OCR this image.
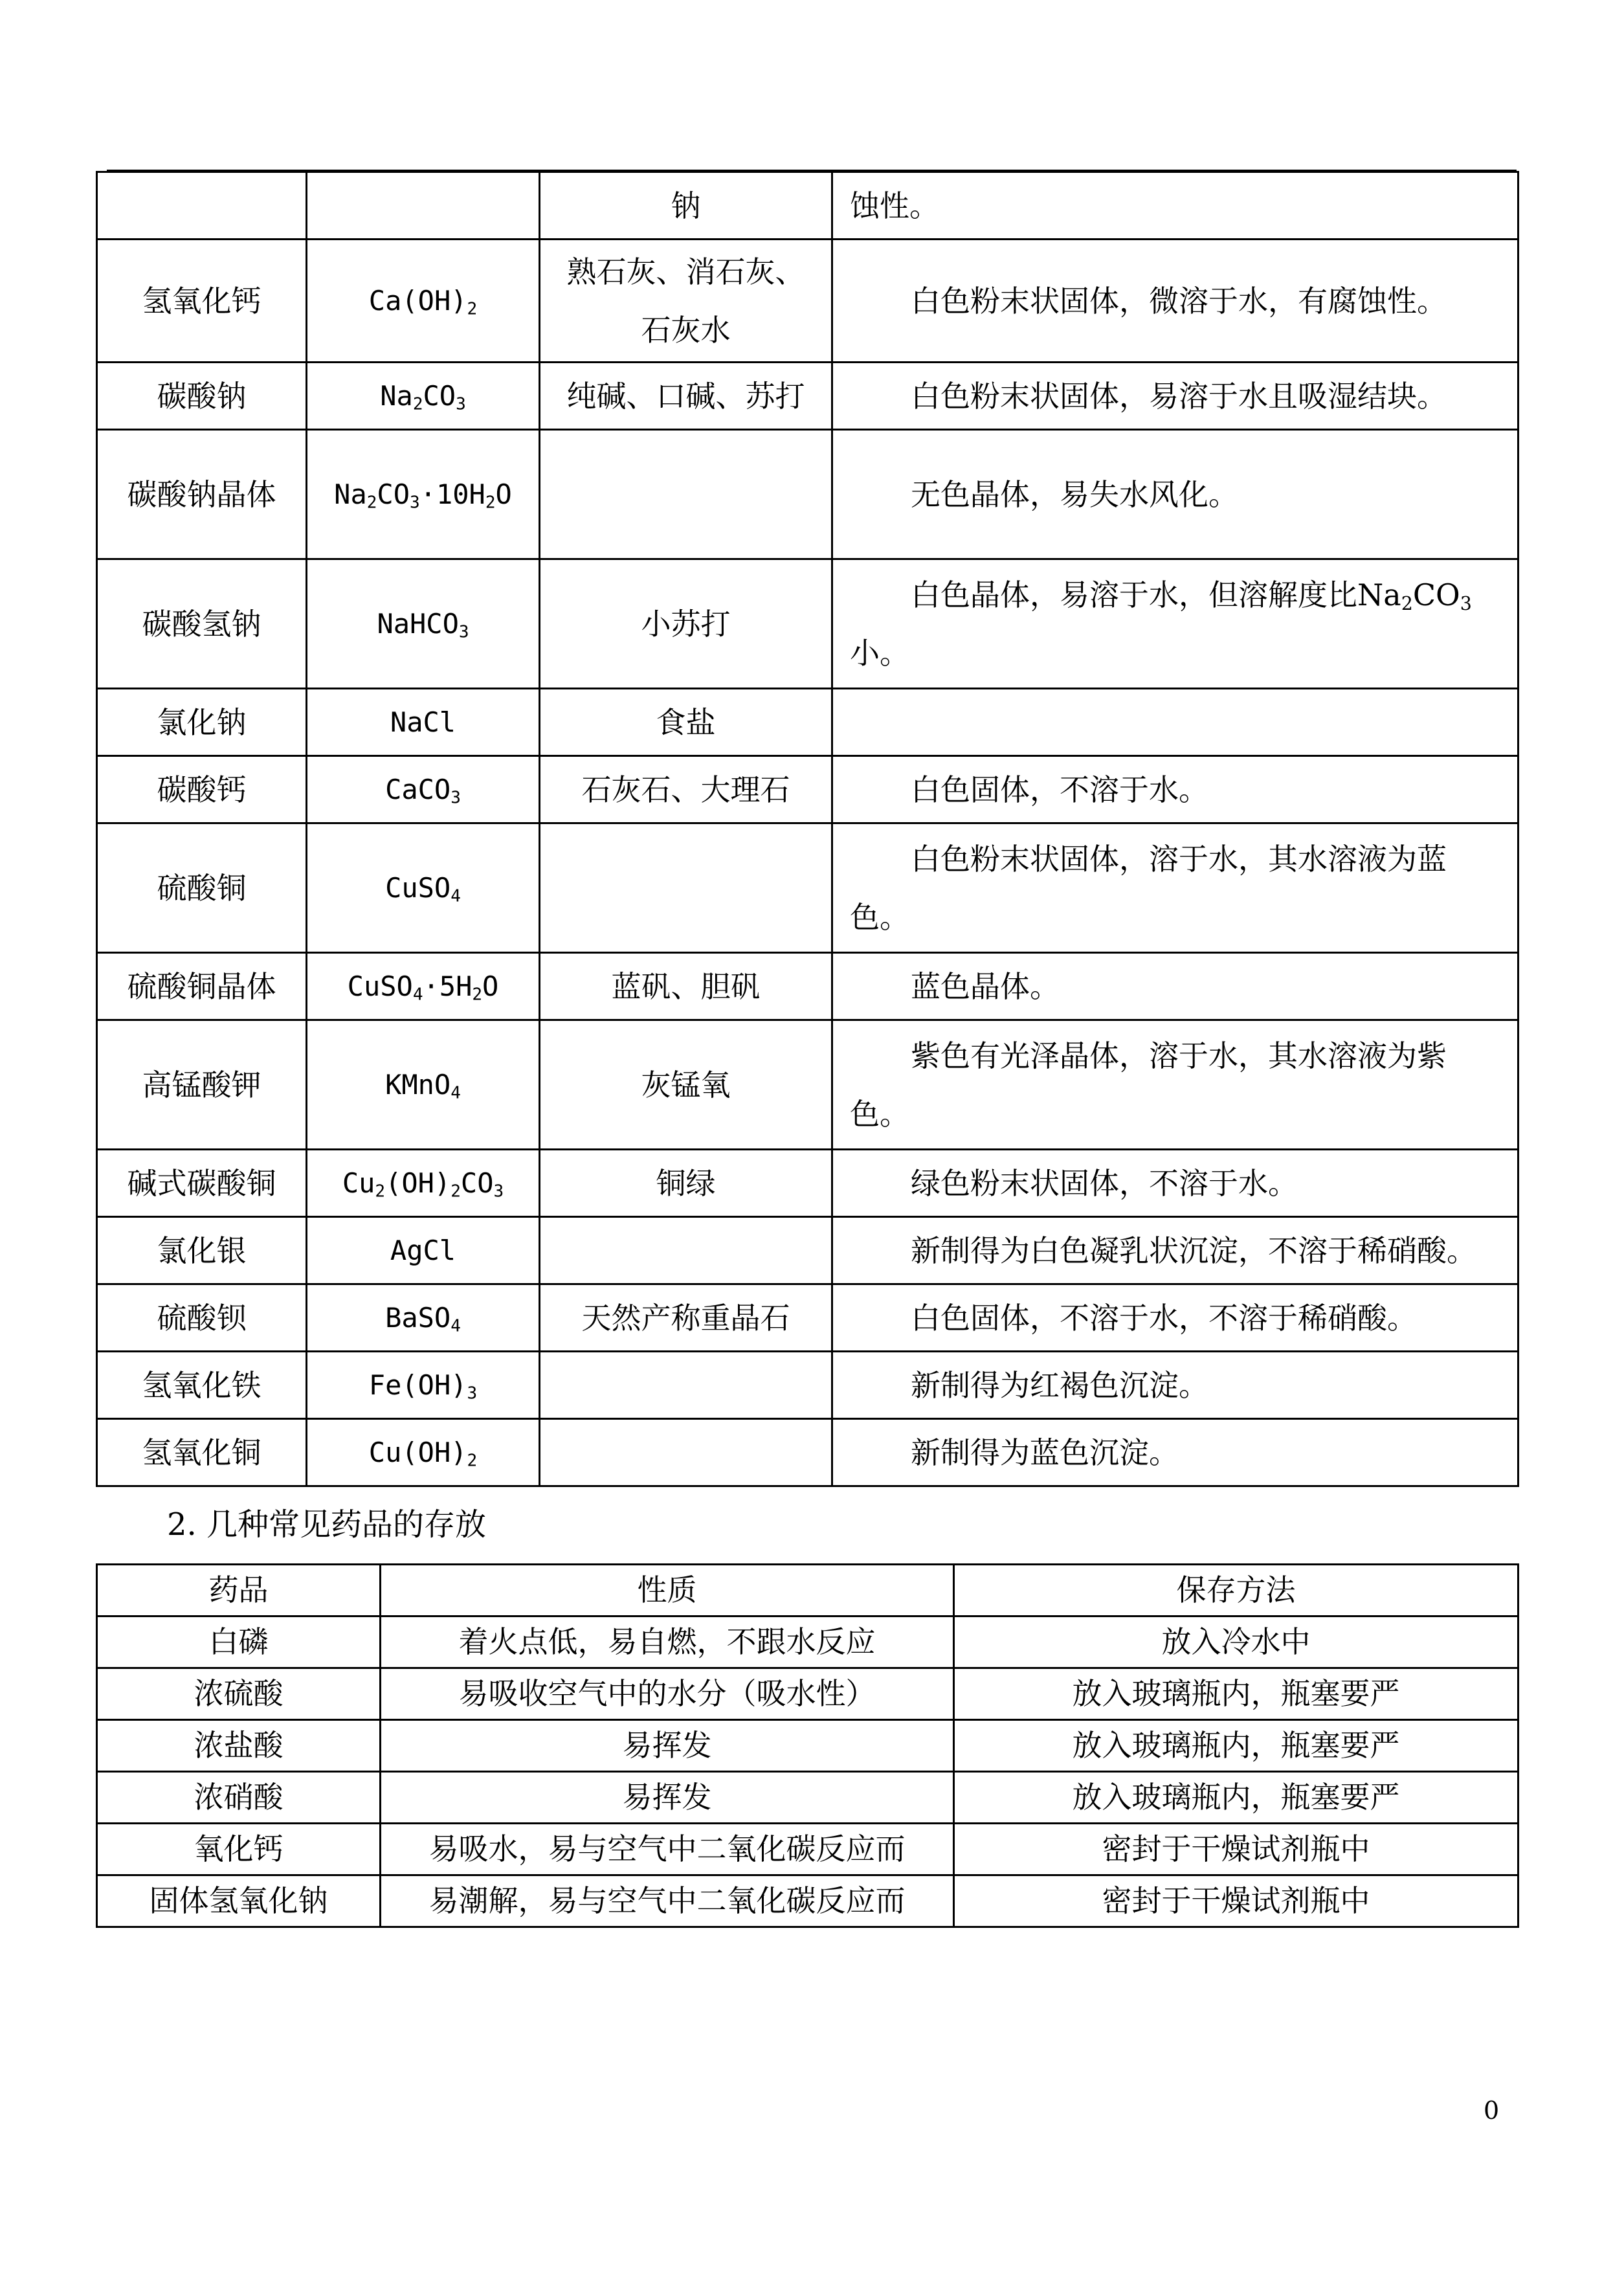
		钠	蚀性。
氢氧化钙	$Ca(OH)_2$	熟石灰、消石灰、石灰水	白色粉末状固体，微溶于水，有腐蚀性。
碳酸钠	$Na_2CO_3$	纯碱、口碱、苏打	白色粉末状固体，易溶于水且吸湿结块。
碳酸钠晶体	$Na_2CO_3\cdot 10H_2O$		无色晶体，易失水风化。
碳酸氢钠	NaHCO$_3$	小苏打	白色晶体，易溶于水，但溶解度比$Na_2CO_3$小。
氯化钠	NaCl	食盐	
碳酸钙	CaCO$_3$	石灰石、大理石	白色固体，不溶于水。
硫酸铜	CuSO$_4$		白色粉末状固体，溶于水，其水溶液为蓝色。
硫酸铜晶体	$CuSO_4\cdot 5H_2O$	蓝矾、胆矾	蓝色晶体。
高锰酸钾	KMnO$_4$	灰锰氧	紫色有光泽晶体，溶于水，其水溶液为紫色。
碱式碳酸铜	$Cu_2(OH)_2CO_3$	铜绿	绿色粉末状固体，不溶于水。
氯化银	AgCl		新制得为白色凝乳状沉淀，不溶于稀硝酸。
硫酸钡	BaSO$_4$	天然产称重晶石	白色固体，不溶于水，不溶于稀硝酸。
氢氧化铁	$Fe(OH)_3$		新制得为红褐色沉淀。
氢氧化铜	$Cu(OH)_2$		新制得为蓝色沉淀。
2. 几种常见药品的存放
药品	性质	保存方法
白磷	着火点低，易自燃，不跟水反应	放入冷水中
浓硫酸	易吸收空气中的水分（吸水性）	放入玻璃瓶内，瓶塞要严
浓盐酸	易挥发	放入玻璃瓶内，瓶塞要严
浓硝酸	易挥发	放入玻璃瓶内，瓶塞要严
氧化钙	易吸水，易与空气中二氧化碳反应而	密封于干燥试剂瓶中
固体氢氧化钠	易潮解，易与空气中二氧化碳反应而	密封于干燥试剂瓶中
0
